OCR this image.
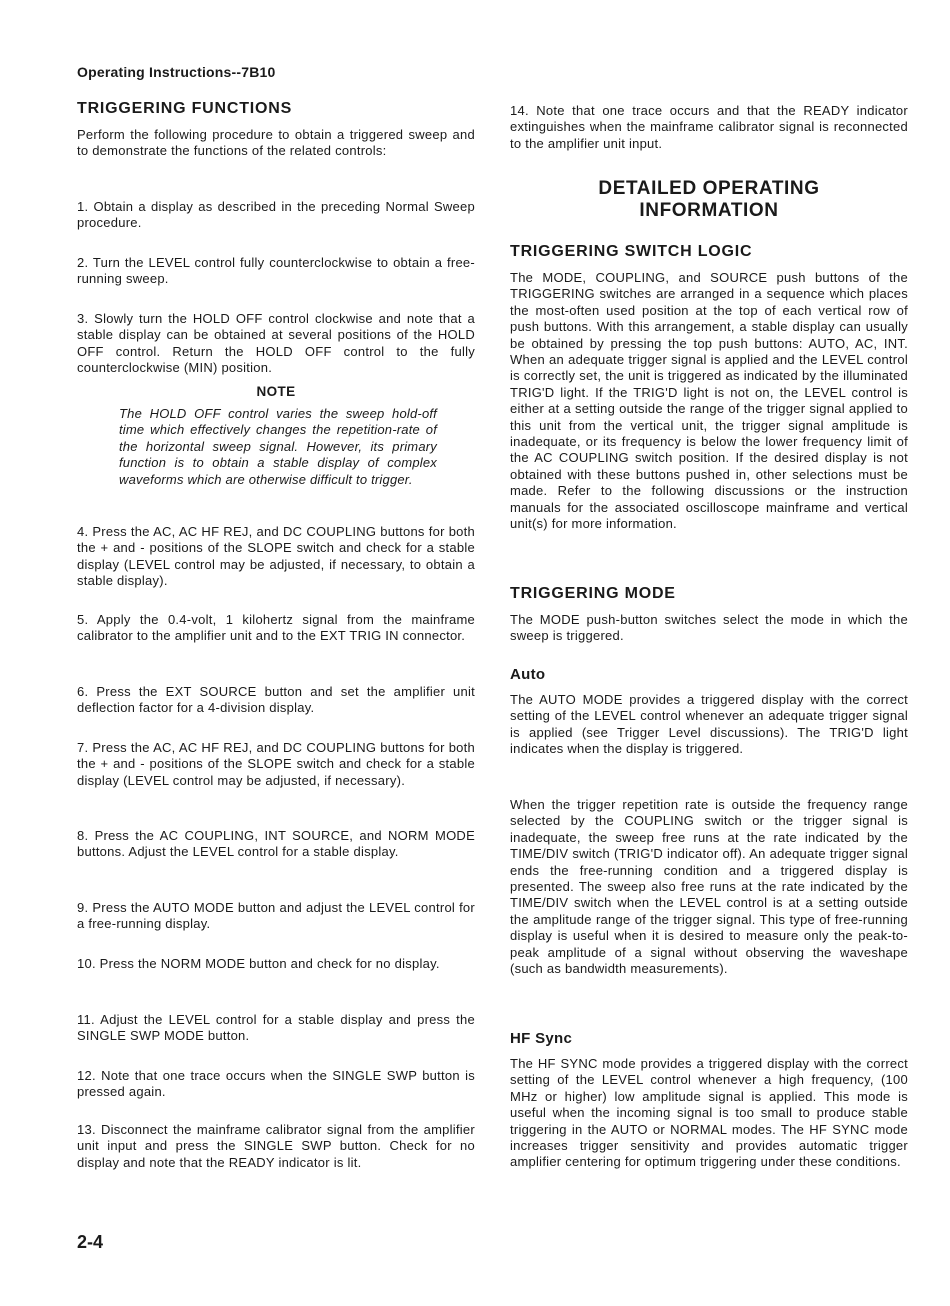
Operating Instructions--7B10
TRIGGERING FUNCTIONS

Perform the following procedure to obtain a triggered sweep and to demonstrate the functions of the related controls:

1. Obtain a display as described in the preceding Normal Sweep procedure.

2. Turn the LEVEL control fully counterclockwise to obtain a free-running sweep.

3. Slowly turn the HOLD OFF control clockwise and note that a stable display can be obtained at several positions of the HOLD OFF control. Return the HOLD OFF control to the fully counterclockwise (MIN) position.

NOTE

The HOLD OFF control varies the sweep hold-off time which effectively changes the repetition-rate of the horizontal sweep signal. However, its primary function is to obtain a stable display of complex waveforms which are otherwise difficult to trigger.

4. Press the AC, AC HF REJ, and DC COUPLING buttons for both the + and - positions of the SLOPE switch and check for a stable display (LEVEL control may be adjusted, if necessary, to obtain a stable display).

5. Apply the 0.4-volt, 1 kilohertz signal from the mainframe calibrator to the amplifier unit and to the EXT TRIG IN connector.

6. Press the EXT SOURCE button and set the amplifier unit deflection factor for a 4-division display.

7. Press the AC, AC HF REJ, and DC COUPLING buttons for both the + and - positions of the SLOPE switch and check for a stable display (LEVEL control may be adjusted, if necessary).

8. Press the AC COUPLING, INT SOURCE, and NORM MODE buttons. Adjust the LEVEL control for a stable display.

9. Press the AUTO MODE button and adjust the LEVEL control for a free-running display.

10. Press the NORM MODE button and check for no display.

11. Adjust the LEVEL control for a stable display and press the SINGLE SWP MODE button.

12. Note that one trace occurs when the SINGLE SWP button is pressed again.

13. Disconnect the mainframe calibrator signal from the amplifier unit input and press the SINGLE SWP button. Check for no display and note that the READY indicator is lit.

14. Note that one trace occurs and that the READY indicator extinguishes when the mainframe calibrator signal is reconnected to the amplifier unit input.

DETAILED OPERATING
INFORMATION
TRIGGERING SWITCH LOGIC

The MODE, COUPLING, and SOURCE push buttons of the TRIGGERING switches are arranged in a sequence which places the most-often used position at the top of each vertical row of push buttons. With this arrangement, a stable display can usually be obtained by pressing the top push buttons: AUTO, AC, INT. When an adequate trigger signal is applied and the LEVEL control is correctly set, the unit is triggered as indicated by the illuminated TRIG'D light. If the TRIG'D light is not on, the LEVEL control is either at a setting outside the range of the trigger signal applied to this unit from the vertical unit, the trigger signal amplitude is inadequate, or its frequency is below the lower frequency limit of the AC COUPLING switch position. If the desired display is not obtained with these buttons pushed in, other selections must be made. Refer to the following discussions or the instruction manuals for the associated oscilloscope mainframe and vertical unit(s) for more information.

TRIGGERING MODE

The MODE push-button switches select the mode in which the sweep is triggered.

Auto

The AUTO MODE provides a triggered display with the correct setting of the LEVEL control whenever an adequate trigger signal is applied (see Trigger Level discussions). The TRIG'D light indicates when the display is triggered.

When the trigger repetition rate is outside the frequency range selected by the COUPLING switch or the trigger signal is inadequate, the sweep free runs at the rate indicated by the TIME/DIV switch (TRIG'D indicator off). An adequate trigger signal ends the free-running condition and a triggered display is presented. The sweep also free runs at the rate indicated by the TIME/DIV switch when the LEVEL control is at a setting outside the amplitude range of the trigger signal. This type of free-running display is useful when it is desired to measure only the peak-to-peak amplitude of a signal without observing the waveshape (such as bandwidth measurements).

HF Sync

The HF SYNC mode provides a triggered display with the correct setting of the LEVEL control whenever a high frequency, (100 MHz or higher) low amplitude signal is applied. This mode is useful when the incoming signal is too small to produce stable triggering in the AUTO or NORMAL modes. The HF SYNC mode increases trigger sensitivity and provides automatic trigger amplifier centering for optimum triggering under these conditions.

2-4
